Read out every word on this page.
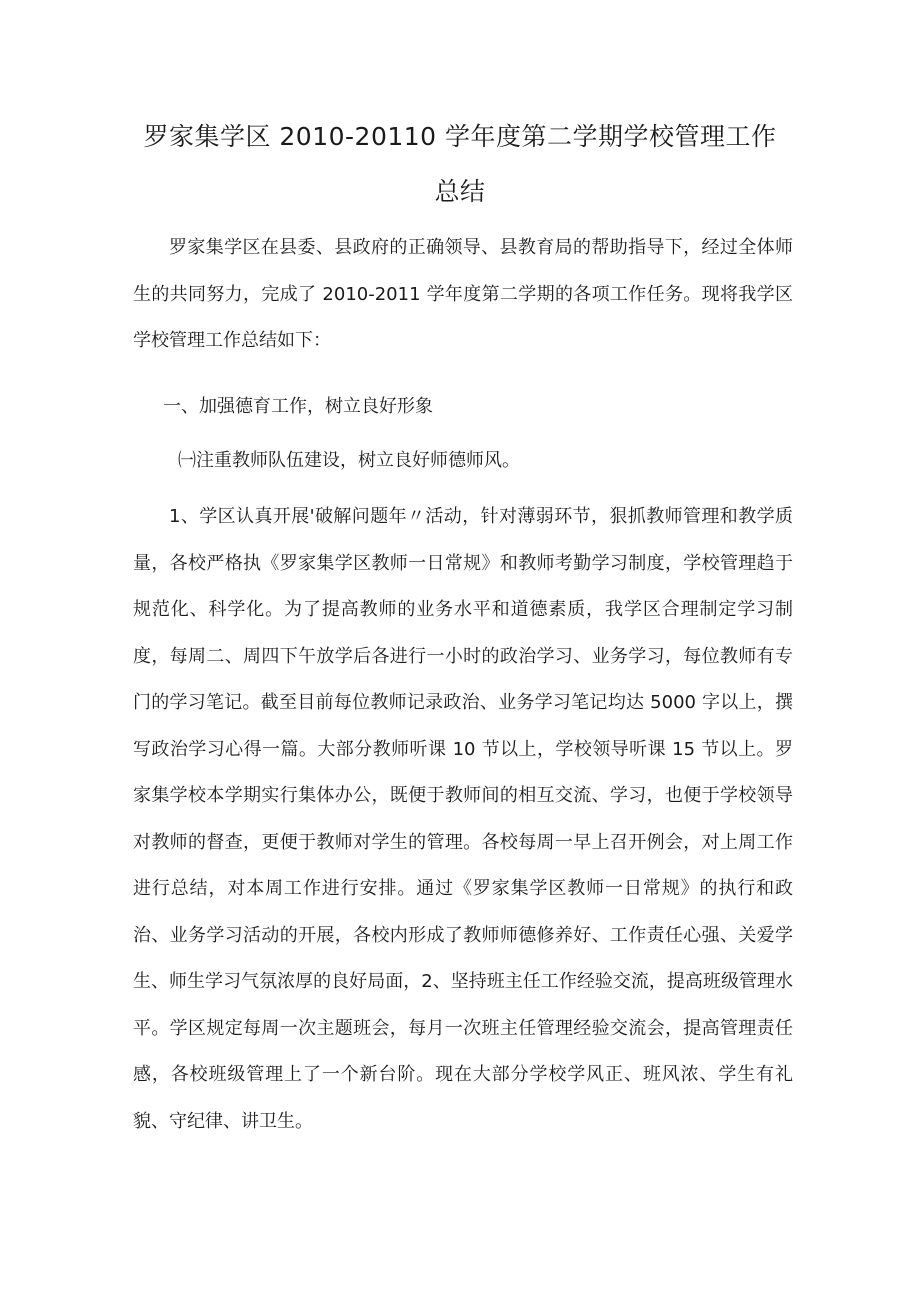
罗家集学区 2010-20110 学年度第二学期学校管理工作
总结

罗家集学区在县委、县政府的正确领导、县教育局的帮助指导下，经过全体师生的共同努力，完成了 2010-2011 学年度第二学期的各项工作任务。现将我学区学校管理工作总结如下：

一、加强德育工作，树立良好形象

㈠注重教师队伍建设，树立良好师德师风。

1、学区认真开展'破解问题年〃活动，针对薄弱环节，狠抓教师管理和教学质量，各校严格执《罗家集学区教师一日常规》和教师考勤学习制度，学校管理趋于规范化、科学化。为了提高教师的业务水平和道德素质，我学区合理制定学习制度，每周二、周四下午放学后各进行一小时的政治学习、业务学习，每位教师有专门的学习笔记。截至目前每位教师记录政治、业务学习笔记均达 5000 字以上，撰写政治学习心得一篇。大部分教师听课 10 节以上，学校领导听课 15 节以上。罗家集学校本学期实行集体办公，既便于教师间的相互交流、学习，也便于学校领导对教师的督查，更便于教师对学生的管理。各校每周一早上召开例会，对上周工作进行总结，对本周工作进行安排。通过《罗家集学区教师一日常规》的执行和政治、业务学习活动的开展，各校内形成了教师师德修养好、工作责任心强、关爱学生、师生学习气氛浓厚的良好局面，2、坚持班主任工作经验交流，提高班级管理水平。学区规定每周一次主题班会，每月一次班主任管理经验交流会，提高管理责任感，各校班级管理上了一个新台阶。现在大部分学校学风正、班风浓、学生有礼貌、守纪律、讲卫生。
